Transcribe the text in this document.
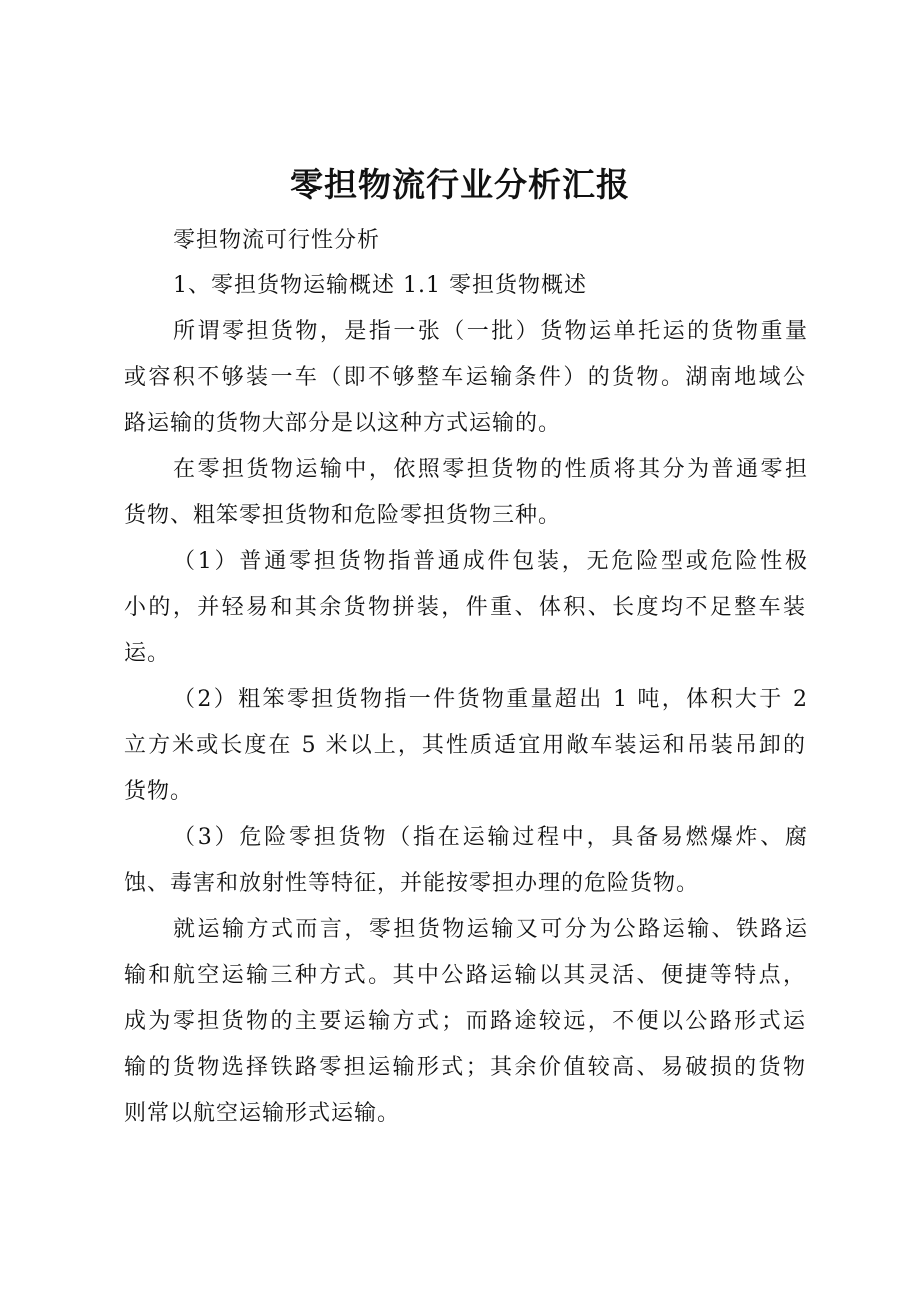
零担物流行业分析汇报
零担物流可行性分析
1、零担货物运输概述 1.1 零担货物概述
所谓零担货物，是指一张（一批）货物运单托运的货物重量
或容积不够装一车（即不够整车运输条件）的货物。湖南地域公
路运输的货物大部分是以这种方式运输的。
在零担货物运输中，依照零担货物的性质将其分为普通零担
货物、粗笨零担货物和危险零担货物三种。
（1）普通零担货物指普通成件包装，无危险型或危险性极
小的，并轻易和其余货物拼装，件重、体积、长度均不足整车装
运。
（2）粗笨零担货物指一件货物重量超出 1 吨，体积大于 2
立方米或长度在 5 米以上，其性质适宜用敞车装运和吊装吊卸的
货物。
（3）危险零担货物（指在运输过程中，具备易燃爆炸、腐
蚀、毒害和放射性等特征，并能按零担办理的危险货物。
就运输方式而言，零担货物运输又可分为公路运输、铁路运
输和航空运输三种方式。其中公路运输以其灵活、便捷等特点，
成为零担货物的主要运输方式；而路途较远，不便以公路形式运
输的货物选择铁路零担运输形式；其余价值较高、易破损的货物
则常以航空运输形式运输。
